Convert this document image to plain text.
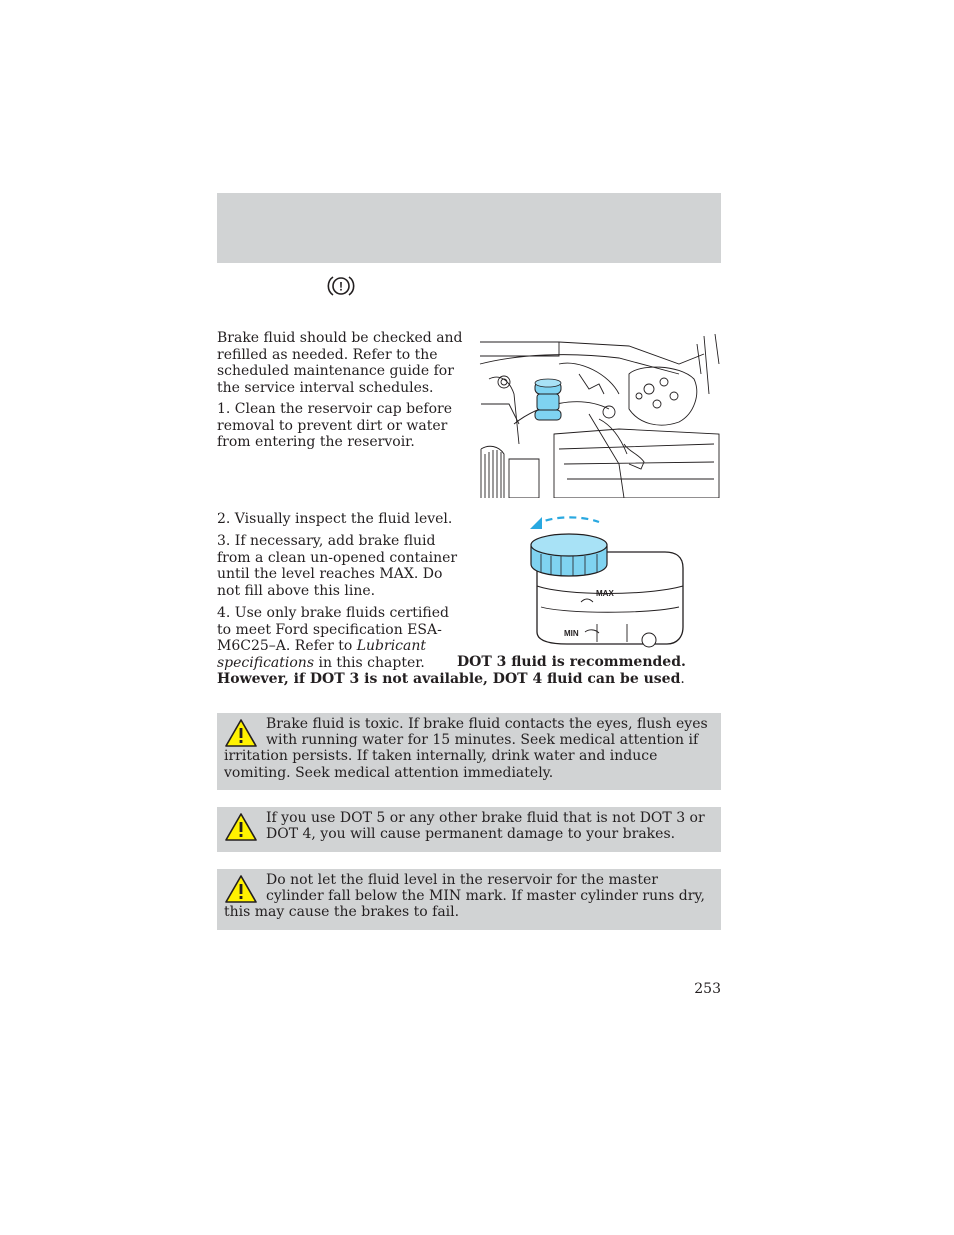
!

Brake fluid should be checked and refilled as needed. Refer to the scheduled maintenance guide for the service interval schedules.

1. Clean the reservoir cap before removal to prevent dirt or water from entering the reservoir.

2. Visually inspect the fluid level.

3. If necessary, add brake fluid from a clean un-opened container until the level reaches MAX. Do not fill above this line.

4. Use only brake fluids certified to meet Ford specification ESA-M6C25–A. Refer to Lubricant specifications in this chapter.	DOT 3 fluid is recommended. However, if DOT 3 is not available, DOT 4 fluid can be used.

MAX
MIN
Brake fluid is toxic. If brake fluid contacts the eyes, flush eyes with running water for 15 minutes. Seek medical attention if irritation persists. If taken internally, drink water and induce vomiting. Seek medical attention immediately.
If you use DOT 5 or any other brake fluid that is not DOT 3 or DOT 4, you will cause permanent damage to your brakes.
Do not let the fluid level in the reservoir for the master cylinder fall below the MIN mark. If master cylinder runs dry, this may cause the brakes to fail.
253
